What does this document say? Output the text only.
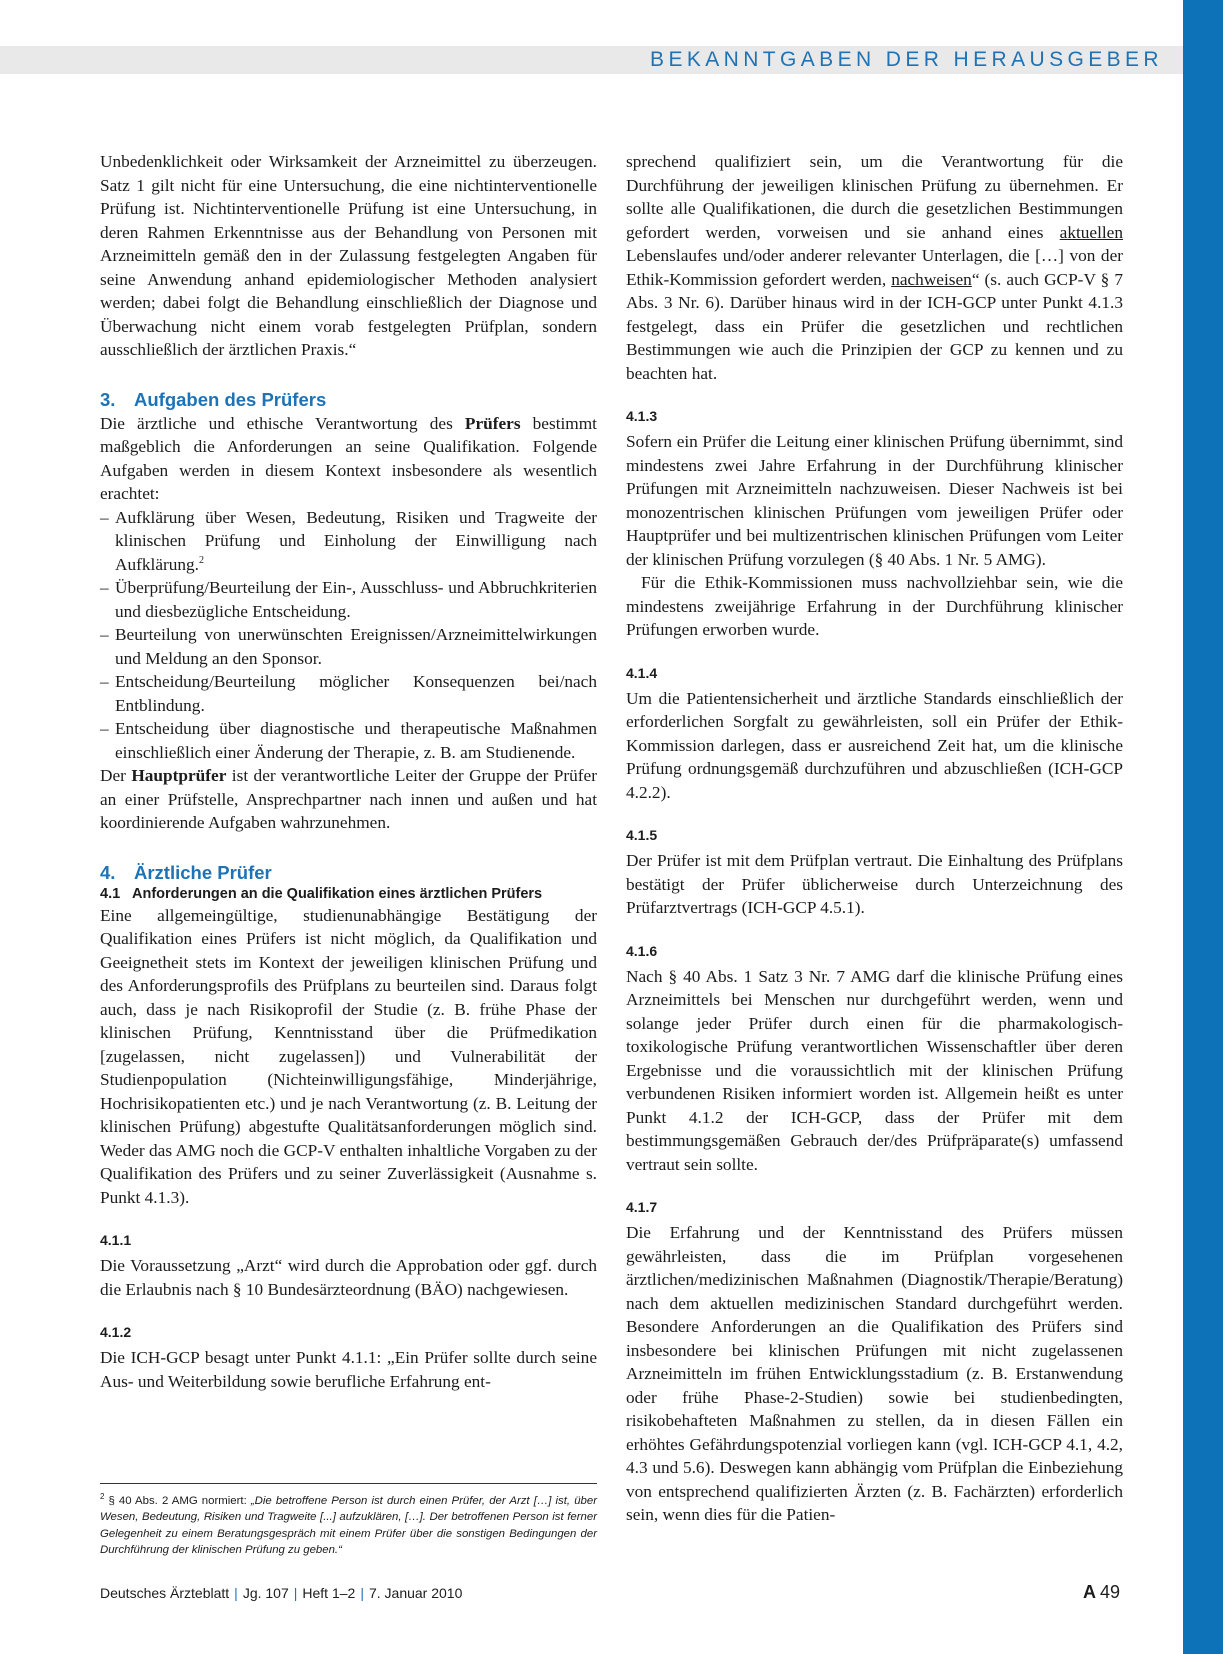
BEKANNTGABEN DER HERAUSGEBER

Unbedenklichkeit oder Wirksamkeit der Arzneimittel zu überzeugen. Satz 1 gilt nicht für eine Untersuchung, die eine nichtinterventionelle Prüfung ist. Nichtinterventionelle Prüfung ist eine Untersuchung, in deren Rahmen Erkenntnisse aus der Behandlung von Personen mit Arzneimitteln gemäß den in der Zulassung festgelegten Angaben für seine Anwendung anhand epidemiologischer Methoden analysiert werden; dabei folgt die Behandlung einschließlich der Diagnose und Überwachung nicht einem vorab festgelegten Prüfplan, sondern ausschließlich der ärztlichen Praxis.“

3. Aufgaben des Prüfers

Die ärztliche und ethische Verantwortung des Prüfers bestimmt maßgeblich die Anforderungen an seine Qualifikation. Folgende Aufgaben werden in diesem Kontext insbesondere als wesentlich erachtet:

– Aufklärung über Wesen, Bedeutung, Risiken und Tragweite der klinischen Prüfung und Einholung der Einwilligung nach Aufklärung.$^2$
– Überprüfung/Beurteilung der Ein-, Ausschluss- und Abbruchkriterien und diesbezügliche Entscheidung.
– Beurteilung von unerwünschten Ereignissen/Arzneimittelwirkungen und Meldung an den Sponsor.
– Entscheidung/Beurteilung möglicher Konsequenzen bei/nach Entblindung.
– Entscheidung über diagnostische und therapeutische Maßnahmen einschließlich einer Änderung der Therapie, z. B. am Studienende.

Der Hauptprüfer ist der verantwortliche Leiter der Gruppe der Prüfer an einer Prüfstelle, Ansprechpartner nach innen und außen und hat koordinierende Aufgaben wahrzunehmen.

4. Ärztliche Prüfer
4.1 Anforderungen an die Qualifikation eines ärztlichen Prüfers

Eine allgemeingültige, studienunabhängige Bestätigung der Qualifikation eines Prüfers ist nicht möglich, da Qualifikation und Geeignetheit stets im Kontext der jeweiligen klinischen Prüfung und des Anforderungsprofils des Prüfplans zu beurteilen sind. Daraus folgt auch, dass je nach Risikoprofil der Studie (z. B. frühe Phase der klinischen Prüfung, Kenntnisstand über die Prüfmedikation [zugelassen, nicht zugelassen]) und Vulnerabilität der Studienpopulation (Nichteinwilligungsfähige, Minderjährige, Hochrisikopatienten etc.) und je nach Verantwortung (z. B. Leitung der klinischen Prüfung) abgestufte Qualitätsanforderungen möglich sind. Weder das AMG noch die GCP-V enthalten inhaltliche Vorgaben zu der Qualifikation des Prüfers und zu seiner Zuverlässigkeit (Ausnahme s. Punkt 4.1.3).

4.1.1

Die Voraussetzung „Arzt“ wird durch die Approbation oder ggf. durch die Erlaubnis nach § 10 Bundesärzteordnung (BÄO) nachgewiesen.

4.1.2

Die ICH-GCP besagt unter Punkt 4.1.1: „Ein Prüfer sollte durch seine Aus- und Weiterbildung sowie berufliche Erfahrung ent-

sprechend qualifiziert sein, um die Verantwortung für die Durchführung der jeweiligen klinischen Prüfung zu übernehmen. Er sollte alle Qualifikationen, die durch die gesetzlichen Bestimmungen gefordert werden, vorweisen und sie anhand eines aktuellen Lebenslaufes und/oder anderer relevanter Unterlagen, die […] von der Ethik-Kommission gefordert werden, nachweisen“ (s. auch GCP-V § 7 Abs. 3 Nr. 6). Darüber hinaus wird in der ICH-GCP unter Punkt 4.1.3 festgelegt, dass ein Prüfer die gesetzlichen und rechtlichen Bestimmungen wie auch die Prinzipien der GCP zu kennen und zu beachten hat.

4.1.3

Sofern ein Prüfer die Leitung einer klinischen Prüfung übernimmt, sind mindestens zwei Jahre Erfahrung in der Durchführung klinischer Prüfungen mit Arzneimitteln nachzuweisen. Dieser Nachweis ist bei monozentrischen klinischen Prüfungen vom jeweiligen Prüfer oder Hauptprüfer und bei multizentrischen klinischen Prüfungen vom Leiter der klinischen Prüfung vorzulegen (§ 40 Abs. 1 Nr. 5 AMG).

Für die Ethik-Kommissionen muss nachvollziehbar sein, wie die mindestens zweijährige Erfahrung in der Durchführung klinischer Prüfungen erworben wurde.

4.1.4

Um die Patientensicherheit und ärztliche Standards einschließlich der erforderlichen Sorgfalt zu gewährleisten, soll ein Prüfer der Ethik-Kommission darlegen, dass er ausreichend Zeit hat, um die klinische Prüfung ordnungsgemäß durchzuführen und abzuschließen (ICH-GCP 4.2.2).

4.1.5

Der Prüfer ist mit dem Prüfplan vertraut. Die Einhaltung des Prüfplans bestätigt der Prüfer üblicherweise durch Unterzeichnung des Prüfarztvertrags (ICH-GCP 4.5.1).

4.1.6

Nach § 40 Abs. 1 Satz 3 Nr. 7 AMG darf die klinische Prüfung eines Arzneimittels bei Menschen nur durchgeführt werden, wenn und solange jeder Prüfer durch einen für die pharmakologisch-toxikologische Prüfung verantwortlichen Wissenschaftler über deren Ergebnisse und die voraussichtlich mit der klinischen Prüfung verbundenen Risiken informiert worden ist. Allgemein heißt es unter Punkt 4.1.2 der ICH-GCP, dass der Prüfer mit dem bestimmungsgemäßen Gebrauch der/des Prüfpräparate(s) umfassend vertraut sein sollte.

4.1.7

Die Erfahrung und der Kenntnisstand des Prüfers müssen gewährleisten, dass die im Prüfplan vorgesehenen ärztlichen/medizinischen Maßnahmen (Diagnostik/Therapie/Beratung) nach dem aktuellen medizinischen Standard durchgeführt werden. Besondere Anforderungen an die Qualifikation des Prüfers sind insbesondere bei klinischen Prüfungen mit nicht zugelassenen Arzneimitteln im frühen Entwicklungsstadium (z. B. Erstanwendung oder frühe Phase-2-Studien) sowie bei studienbedingten, risikobehafteten Maßnahmen zu stellen, da in diesen Fällen ein erhöhtes Gefährdungspotenzial vorliegen kann (vgl. ICH-GCP 4.1, 4.2, 4.3 und 5.6). Deswegen kann abhängig vom Prüfplan die Einbeziehung von entsprechend qualifizierten Ärzten (z. B. Fachärzten) erforderlich sein, wenn dies für die Patien-

$^2$ § 40 Abs. 2 AMG normiert: „Die betroffene Person ist durch einen Prüfer, der Arzt […] ist, über Wesen, Bedeutung, Risiken und Tragweite [...] aufzuklären, […]. Der betroffenen Person ist ferner Gelegenheit zu einem Beratungsgespräch mit einem Prüfer über die sonstigen Bedingungen der Durchführung der klinischen Prüfung zu geben.“

Deutsches Ärzteblatt | Jg. 107 | Heft 1–2 | 7. Januar 2010	A 49
